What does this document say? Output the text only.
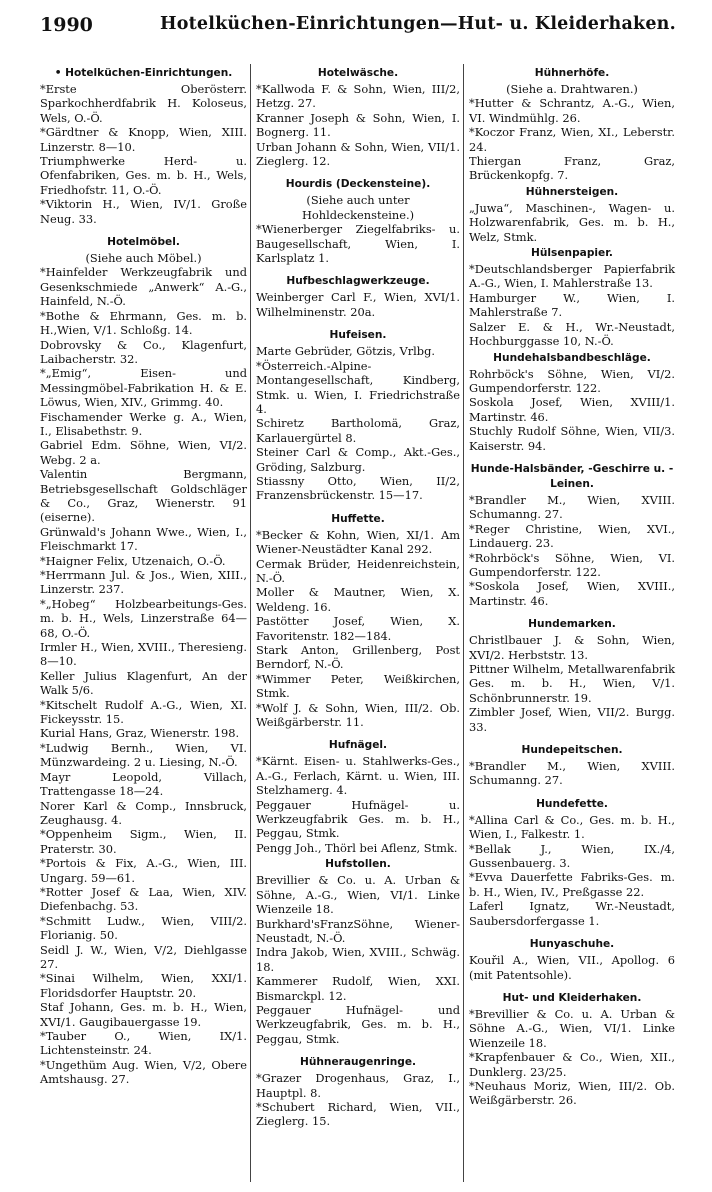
1990	Hotelküchen-Einrichtungen—Hut- u. Kleiderhaken.
• Hotelküchen-Einrichtungen.
*Erste Oberösterr. Sparkochherdfabrik H. Koloseus, Wels, O.-Ö.
*Gärdtner & Knopp, Wien, XIII. Linzerstr. 8—10.
Triumphwerke Herd- u. Ofenfabriken, Ges. m. b. H., Wels, Friedhofstr. 11, O.-Ö.
*Viktorin H., Wien, IV/1. Große Neug. 33.
Hotelmöbel.
(Siehe auch Möbel.)
*Hainfelder Werkzeugfabrik und Gesenkschmiede „Anwerk“ A.-G., Hainfeld, N.-Ö.
*Bothe & Ehrmann, Ges. m. b. H.,Wien, V/1. Schloßg. 14.
Dobrovsky & Co., Klagenfurt, Laibacherstr. 32.
*„Emig“, Eisen- und Messingmöbel-Fabrikation H. & E. Löwus, Wien, XIV., Grimmg. 40.
Fischamender Werke g. A., Wien, I., Elisabethstr. 9.
Gabriel Edm. Söhne, Wien, VI/2. Webg. 2 a.
Valentin Bergmann, Betriebsgesellschaft Goldschläger & Co., Graz, Wienerstr. 91 (eiserne).
Grünwald's Johann Wwe., Wien, I., Fleischmarkt 17.
*Haigner Felix, Utzenaich, O.-Ö.
*Herrmann Jul. & Jos., Wien, XIII., Linzerstr. 237.
*„Hobeg“ Holzbearbeitungs-Ges. m. b. H., Wels, Linzerstraße 64—68, O.-Ö.
Irmler H., Wien, XVIII., Theresieng. 8—10.
Keller Julius Klagenfurt, An der Walk 5/6.
*Kitschelt Rudolf A.-G., Wien, XI. Fickeysstr. 15.
Kurial Hans, Graz, Wienerstr. 198.
*Ludwig Bernh., Wien, VI. Münzwardeing. 2 u. Liesing, N.-Ö.
Mayr Leopold, Villach, Trattengasse 18—24.
Norer Karl & Comp., Innsbruck, Zeughausg. 4.
*Oppenheim Sigm., Wien, II. Praterstr. 30.
*Portois & Fix, A.-G., Wien, III. Ungarg. 59—61.
*Rotter Josef & Laa, Wien, XIV. Diefenbachg. 53.
*Schmitt Ludw., Wien, VIII/2. Florianig. 50.
Seidl J. W., Wien, V/2, Diehlgasse 27.
*Sinai Wilhelm, Wien, XXI/1. Floridsdorfer Hauptstr. 20.
Staf Johann, Ges. m. b. H., Wien, XVI/1. Gaugibauergasse 19.
*Tauber O., Wien, IX/1. Lichtensteinstr. 24.
*Ungethüm Aug. Wien, V/2, Obere Amtshausg. 27.
Hotelwäsche.
*Kallwoda F. & Sohn, Wien, III/2, Hetzg. 27.
Kranner Joseph & Sohn, Wien, I. Bognerg. 11.
Urban Johann & Sohn, Wien, VII/1. Zieglerg. 12.
Hourdis (Deckensteine).
(Siehe auch unter Hohldeckensteine.)
*Wienerberger Ziegelfabriks- u. Baugesellschaft, Wien, I. Karlsplatz 1.
Hufbeschlagwerkzeuge.
Weinberger Carl F., Wien, XVI/1. Wilhelminenstr. 20a.
Hufeisen.
Marte Gebrüder, Götzis, Vrlbg.
*Österreich.-Alpine-Montangesellschaft, Kindberg, Stmk. u. Wien, I. Friedrichstraße 4.
Schiretz Bartholomä, Graz, Karlauergürtel 8.
Steiner Carl & Comp., Akt.-Ges., Gröding, Salzburg.
Stiassny Otto, Wien, II/2, Franzensbrückenstr. 15—17.
Huffette.
*Becker & Kohn, Wien, XI/1. Am Wiener-Neustädter Kanal 292.
Cermak Brüder, Heidenreichstein, N.-Ö.
Moller & Mautner, Wien, X. Weldeng. 16.
Pastötter Josef, Wien, X. Favoritenstr. 182—184.
Stark Anton, Grillenberg, Post Berndorf, N.-Ö.
*Wimmer Peter, Weißkirchen, Stmk.
*Wolf J. & Sohn, Wien, III/2. Ob. Weißgärberstr. 11.
Hufnägel.
*Kärnt. Eisen- u. Stahlwerks-Ges., A.-G., Ferlach, Kärnt. u. Wien, III. Stelzhamerg. 4.
Peggauer Hufnägel- u. Werkzeugfabrik Ges. m. b. H., Peggau, Stmk.
Pengg Joh., Thörl bei Aflenz, Stmk.
Hufstollen.
Brevillier & Co. u. A. Urban & Söhne, A.-G., Wien, VI/1. Linke Wienzeile 18.
Burkhard'sFranzSöhne, Wiener-Neustadt, N.-Ö.
Indra Jakob, Wien, XVIII., Schwäg. 18.
Kammerer Rudolf, Wien, XXI. Bismarckpl. 12.
Peggauer Hufnägel- und Werkzeugfabrik, Ges. m. b. H., Peggau, Stmk.
Hühneraugenringe.
*Grazer Drogenhaus, Graz, I., Hauptpl. 8.
*Schubert Richard, Wien, VII., Zieglerg. 15.
Hühnerhöfe.
(Siehe a. Drahtwaren.)
*Hutter & Schrantz, A.-G., Wien, VI. Windmühlg. 26.
*Koczor Franz, Wien, XI., Leberstr. 24.
Thiergan Franz, Graz, Brückenkopfg. 7.
Hühnersteigen.
„Juwa“, Maschinen-, Wagen- u. Holzwarenfabrik, Ges. m. b. H., Welz, Stmk.
Hülsenpapier.
*Deutschlandsberger Papierfabrik A.-G., Wien, I. Mahlerstraße 13.
Hamburger W., Wien, I. Mahlerstraße 7.
Salzer E. & H., Wr.-Neustadt, Hochburggasse 10, N.-Ö.
Hundehalsbandbeschläge.
Rohrböck's Söhne, Wien, VI/2. Gumpendorferstr. 122.
Soskola Josef, Wien, XVIII/1. Martinstr. 46.
Stuchly Rudolf Söhne, Wien, VII/3. Kaiserstr. 94.
Hunde-Halsbänder, -Geschirre u. -Leinen.
*Brandler M., Wien, XVIII. Schumanng. 27.
*Reger Christine, Wien, XVI., Lindauerg. 23.
*Rohrböck's Söhne, Wien, VI. Gumpendorferstr. 122.
*Soskola Josef, Wien, XVIII., Martinstr. 46.
Hundemarken.
Christlbauer J. & Sohn, Wien, XVI/2. Herbststr. 13.
Pittner Wilhelm, Metallwarenfabrik Ges. m. b. H., Wien, V/1. Schönbrunnerstr. 19.
Zimbler Josef, Wien, VII/2. Burgg. 33.
Hundepeitschen.
*Brandler M., Wien, XVIII. Schumanng. 27.
Hundefette.
*Allina Carl & Co., Ges. m. b. H., Wien, I., Falkestr. 1.
*Bellak J., Wien, IX./4, Gussenbauerg. 3.
*Evva Dauerfette Fabriks-Ges. m. b. H., Wien, IV., Preßgasse 22.
Laferl Ignatz, Wr.-Neustadt, Saubersdorfergasse 1.
Hunyaschuhe.
Kouřil A., Wien, VII., Apollog. 6 (mit Patentsohle).
Hut- und Kleiderhaken.
*Brevillier & Co. u. A. Urban & Söhne A.-G., Wien, VI/1. Linke Wienzeile 18.
*Krapfenbauer & Co., Wien, XII., Dunklerg. 23/25.
*Neuhaus Moriz, Wien, III/2. Ob. Weißgärberstr. 26.
